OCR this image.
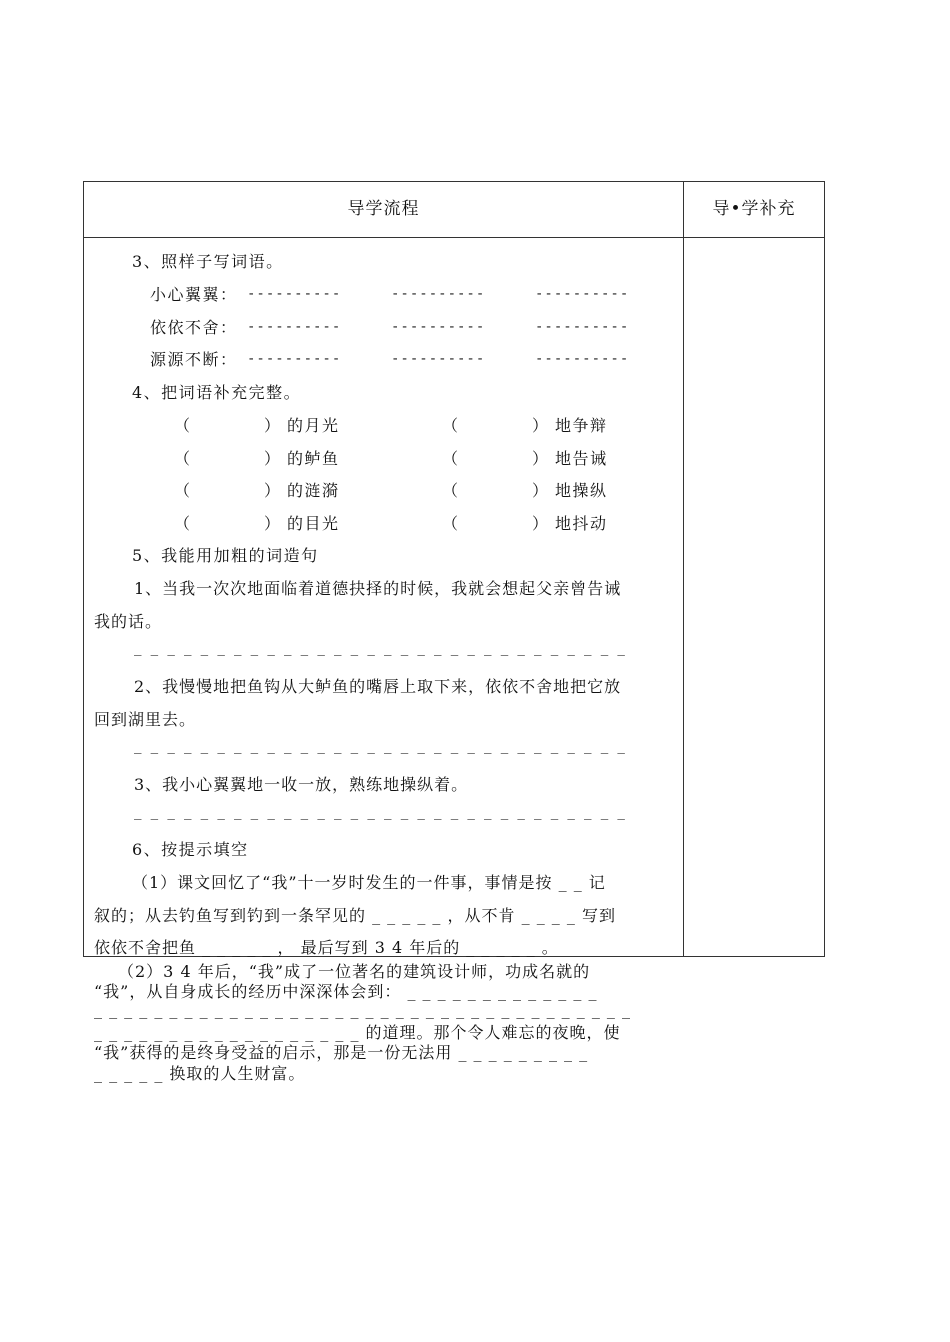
导学流程	导•学补充
3、照样子写词语。
小心翼翼： ----------	----------	----------
依依不舍： ----------	----------	----------
源源不断： ----------	----------	----------
4、把词语补充完整。
（	） 的月光	（	） 地争辩
（	） 的鲈鱼	（	） 地告诫
（	） 的涟漪	（	） 地操纵
（	） 的目光	（	） 地抖动
5、我能用加粗的词造句
1、当我一次次地面临着道德抉择的时候，我就会想起父亲曾告诫
我的话。
_ _ _ _ _ _ _ _ _ _ _ _ _ _ _ _ _ _ _ _ _ _ _ _ _ _ _ _ _ _
2、我慢慢地把鱼钩从大鲈鱼的嘴唇上取下来，依依不舍地把它放
回到湖里去。
_ _ _ _ _ _ _ _ _ _ _ _ _ _ _ _ _ _ _ _ _ _ _ _ _ _ _ _ _ _
3、我小心翼翼地一收一放，熟练地操纵着。
_ _ _ _ _ _ _ _ _ _ _ _ _ _ _ _ _ _ _ _ _ _ _ _ _ _ _ _ _ _
6、按提示填空
（1）课文回忆了“我”十一岁时发生的一件事，事情是按 _ _ 记
叙的；从去钓鱼写到钓到一条罕见的 _ _ _ _ _ ，从不肯 _ _ _ _ 写到
依依不舍把鱼 _ _ _ _ _ ， 最后写到 3 4 年后的 _ _ _ _ _ 。
（2）3 4 年后，“我”成了一位著名的建筑设计师，功成名就的
“我”，从自身成长的经历中深深体会到： _ _ _ _ _ _ _ _ _ _ _ _ _
_ _ _ _ _ _ _ _ _ _ _ _ _ _ _ _ _ _ _ _ _ _ _ _ _ _ _ _ _ _ _ _ _ _ _ _
_ _ _ _ _ _ _ _ _ _ _ _ _ _ _ _ _ _ 的道理。那个令人难忘的夜晚，使
“我”获得的是终身受益的启示，那是一份无法用 _ _ _ _ _ _ _ _ _
_ _ _ _ _ 换取的人生财富。
